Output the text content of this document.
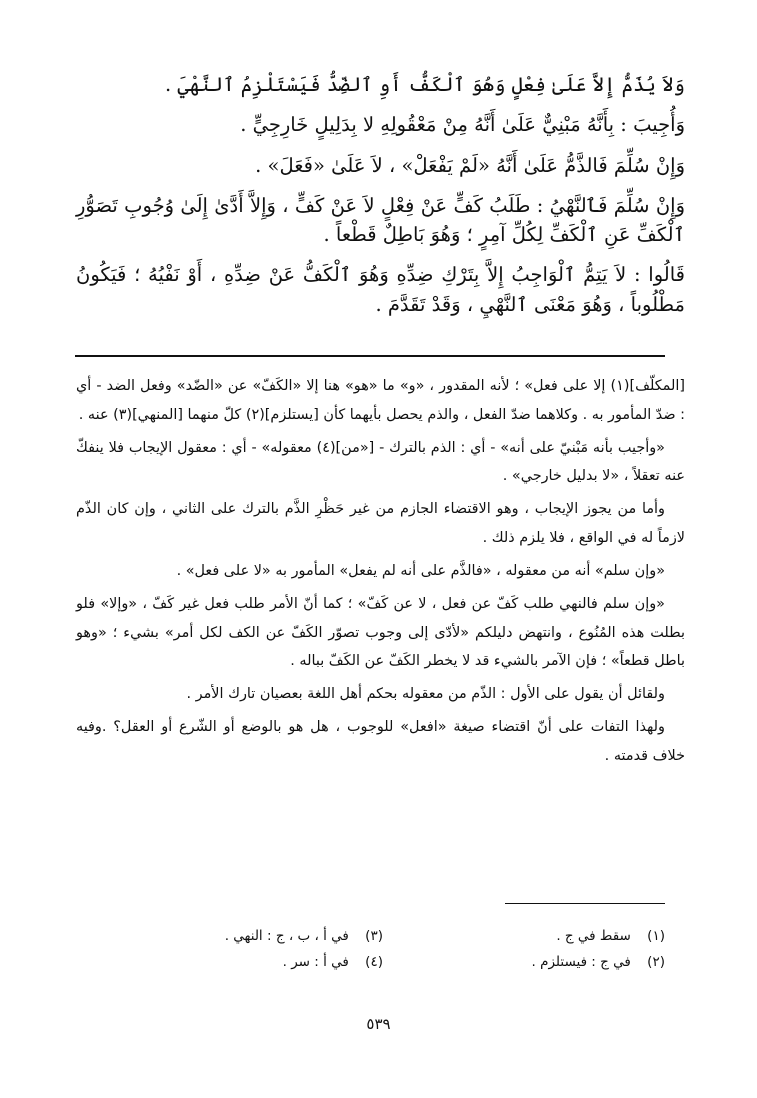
وَلاَ يُذَمُّ إِلاَّ عَلَىٰ فِعْلٍ وَهُوَ ٱلْكَفُّ أَوِ ٱلضِّدُّ فَيَسْتَلْزِمُ ٱلنَّهْيَ .

وَأُجِيبَ : بِأَنَّهُ مَبْنِيٌّ عَلَىٰ أَنَّهُ مِنْ مَعْقُولِهِ لا بِدَلِيلٍ خَارِجِيٍّ .

وَإِنْ سُلِّمَ فَالذَّمُّ عَلَىٰ أَنَّهُ «لَمْ يَفْعَلْ» ، لاَ عَلَىٰ «فَعَلَ» .

وَإِنْ سُلِّمَ فَٱلنَّهْيُ : طَلَبُ كَفٍّ عَنْ فِعْلٍ لاَ عَنْ كَفٍّ ، وَإِلاَّ أَدَّىٰ إِلَىٰ وُجُوبِ تَصَوُّرِ ٱلْكَفِّ عَنِ ٱلْكَفِّ لِكُلِّ آمِرٍ ؛ وَهُوَ بَاطِلٌ قَطْعاً .

قَالُوا : لاَ يَتِمُّ ٱلْوَاجِبُ إِلاَّ بِتَرْكِ ضِدِّهِ وَهُوَ ٱلْكَفُّ عَنْ ضِدِّهِ ، أَوْ نَفْيُهُ ؛ فَيَكُونُ مَطْلُوباً ، وَهُوَ مَعْنَى ٱلنَّهْيِ ، وَقَدْ تَقَدَّمَ .

[المكلّف](١) إلا على فعل» ؛ لأنه المقدور ، «و» ما «هو» هنا إلا «الكَفّ» عن «الضّد» وفعل الضد - أي : ضدّ المأمور به . وكلاهما ضدّ الفعل ، والذم يحصل بأيهما كأن [يستلزم](٢) كلّ منهما [المنهي](٣) عنه .

«وأجيب بأنه مَبْنيّ على أنه» - أي : الذم بالترك - [«من](٤) معقوله» - أي : معقول الإيجاب فلا ينفكّ عنه تعقلاً ، «لا بدليل خارجي» .

وأما من يجوز الإيجاب ، وهو الاقتضاء الجازم من غير حَظْرِ الذَّم بالترك على الثاني ، وإن كان الذّم لازماً له في الواقع ، فلا يلزم ذلك .

«وإن سلم» أنه من معقوله ، «فالذَّم على أنه لم يفعل» المأمور به «لا على فعل» .

«وإن سلم فالنهي طلب كَفّ عن فعل ، لا عن كَفّ» ؛ كما أنّ الأمر طلب فعل غير كَفّ ، «وإلا» فلو بطلت هذه المُنُوع ، وانتهض دليلكم «لأدّى إلى وجوب تصوّر الكَفّ عن الكف لكل أمر» بشيء ؛ «وهو باطل قطعاً» ؛ فإن الآمر بالشيء قد لا يخطر الكَفّ عن الكَفّ بباله .

ولقائل أن يقول على الأول : الذّم من معقوله بحكم أهل اللغة بعصيان تارك الأمر .

ولهذا التفات على أنّ اقتضاء صيغة «افعل» للوجوب ، هل هو بالوضع أو الشّرع أو العقل؟ .وفيه خلاف قدمته .

(١) سقط في ج .
(٢) في ج : فيستلزم .
(٣) في أ ، ب ، ج : النهي .
(٤) في أ : سر .
٥٣٩
